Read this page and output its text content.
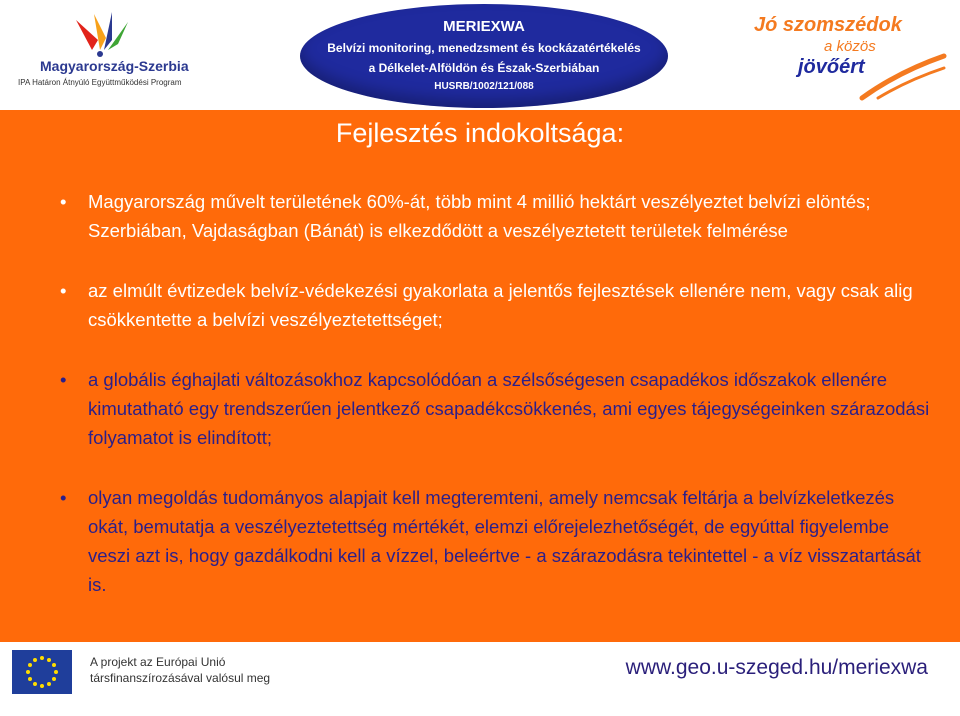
Magyarország-Szerbia
IPA Határon Átnyúló Együttműködési Program
MERIEXWA
Belvízi monitoring, menedzsment és kockázatértékelés
a Délkelet-Alföldön és Észak-Szerbiában
HUSRB/1002/121/088
Jó szomszédok
a közös
jövőért
Fejlesztés indokoltsága:
• Magyarország művelt területének 60%-át, több mint 4 millió hektárt veszélyeztet belvízi elöntés; Szerbiában, Vajdaságban (Bánát) is elkezdődött a veszélyeztetett területek felmérése
• az elmúlt évtizedek belvíz-védekezési gyakorlata a jelentős fejlesztések ellenére nem, vagy csak alig csökkentette a belvízi veszélyeztetettséget;
• a globális éghajlati változásokhoz kapcsolódóan a szélsőségesen csapadékos időszakok ellenére kimutatható egy trendszerűen jelentkező csapadékcsökkenés, ami egyes tájegységeinken szárazodási folyamatot is elindított;
• olyan megoldás tudományos alapjait kell megteremteni, amely nemcsak feltárja a belvízkeletkezés okát, bemutatja a veszélyeztetettség mértékét, elemzi előrejelezhetőségét, de egyúttal figyelembe veszi azt is, hogy gazdálkodni kell a vízzel, beleértve - a szárazodásra tekintettel - a víz visszatartását is.
A projekt az Európai Unió
társfinanszírozásával valósul meg	www.geo.u-szeged.hu/meriexwa
